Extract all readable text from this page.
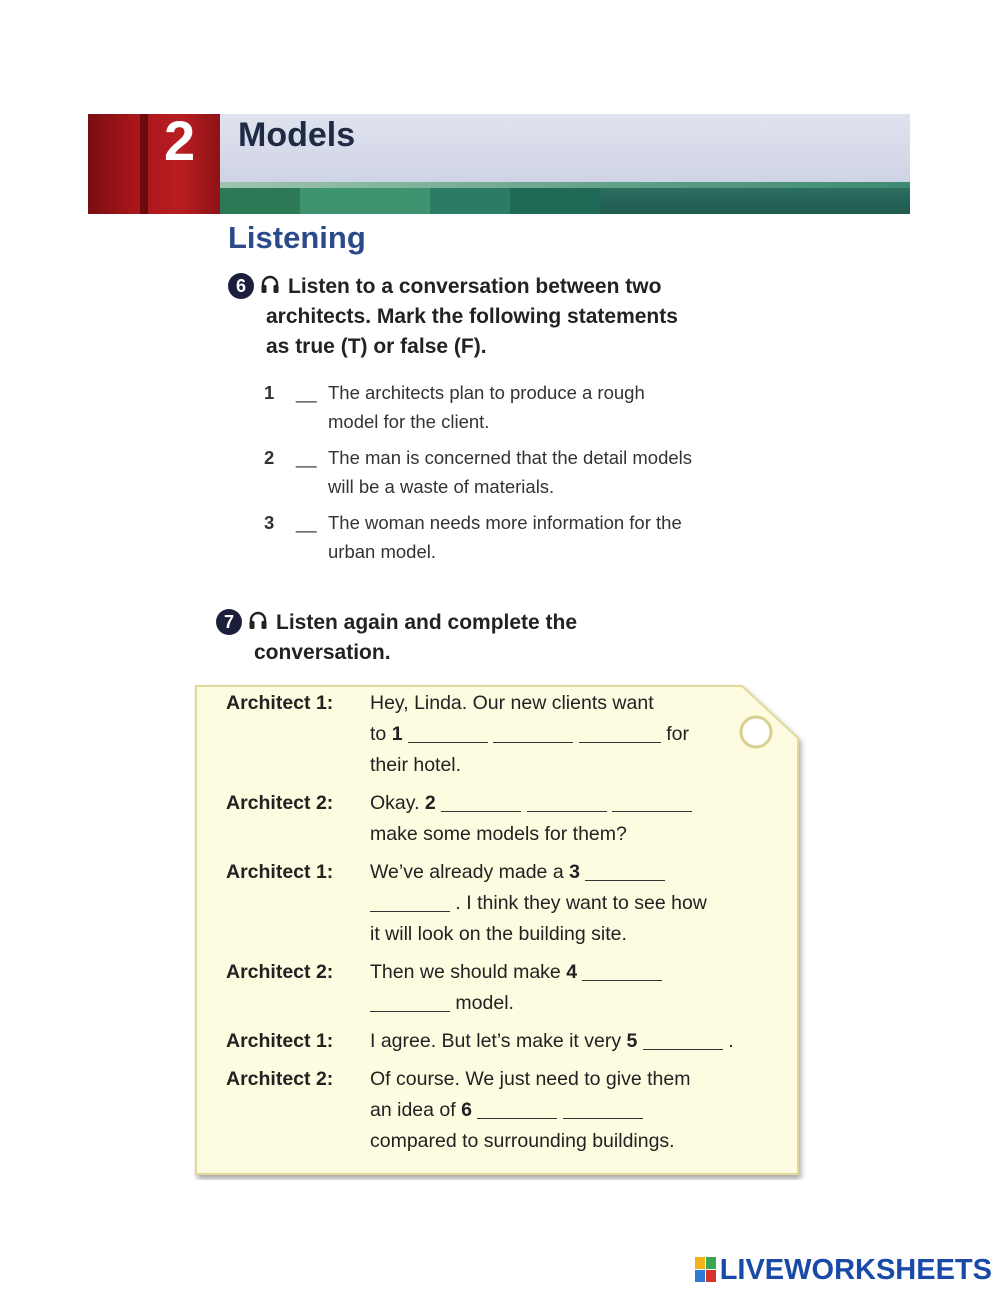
2 Models
Listening
6 Listen to a conversation between two
architects. Mark the following statements
as true (T) or false (F).
1 __ The architects plan to produce a rough
model for the client.
2 __ The man is concerned that the detail models
will be a waste of materials.
3 __ The woman needs more information for the
urban model.
7 Listen again and complete the
conversation.
Architect 1: Hey, Linda. Our new clients want
to 1	for
their hotel.
Architect 2: Okay. 2
make some models for them?
Architect 1: We’ve already made a 3
. I think they want to see how
it will look on the building site.
Architect 2: Then we should make 4
model.
Architect 1: I agree. But let’s make it very 5	.
Architect 2: Of course. We just need to give them
an idea of 6
compared to surrounding buildings.
LIVEWORKSHEETS
